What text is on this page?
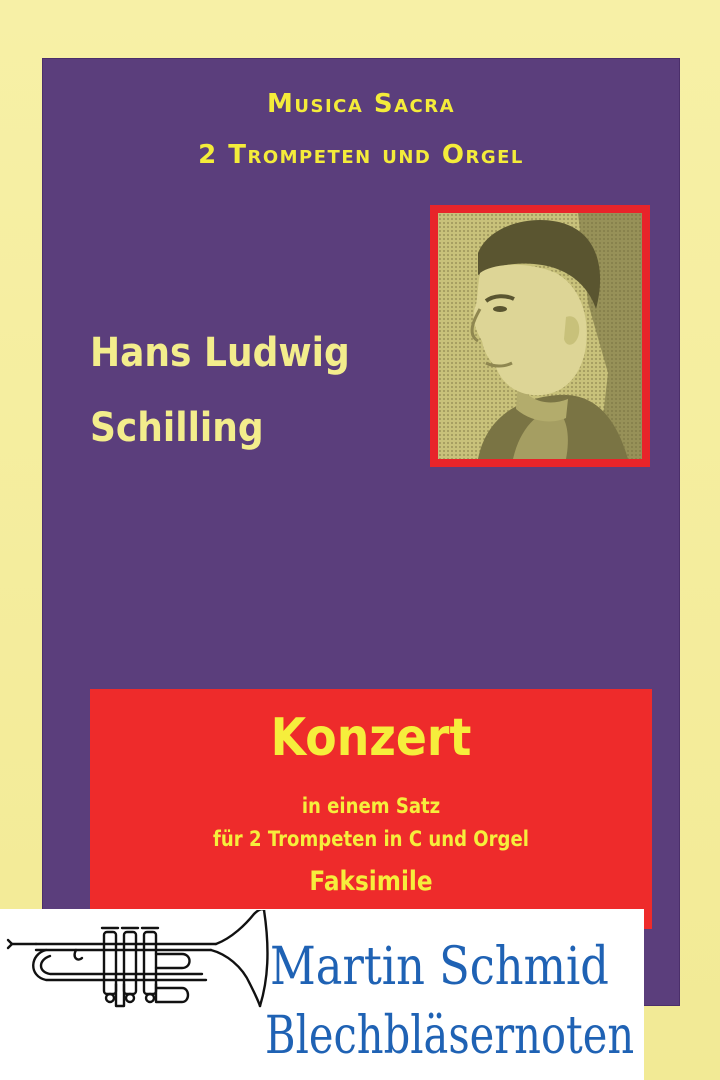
Musica Sacra
2 Trompeten und Orgel
Hans Ludwig
Schilling
Konzert
in einem Satz
für 2 Trompeten in C und Orgel
Faksimile
Martin Schmid
Blechbläsernoten
